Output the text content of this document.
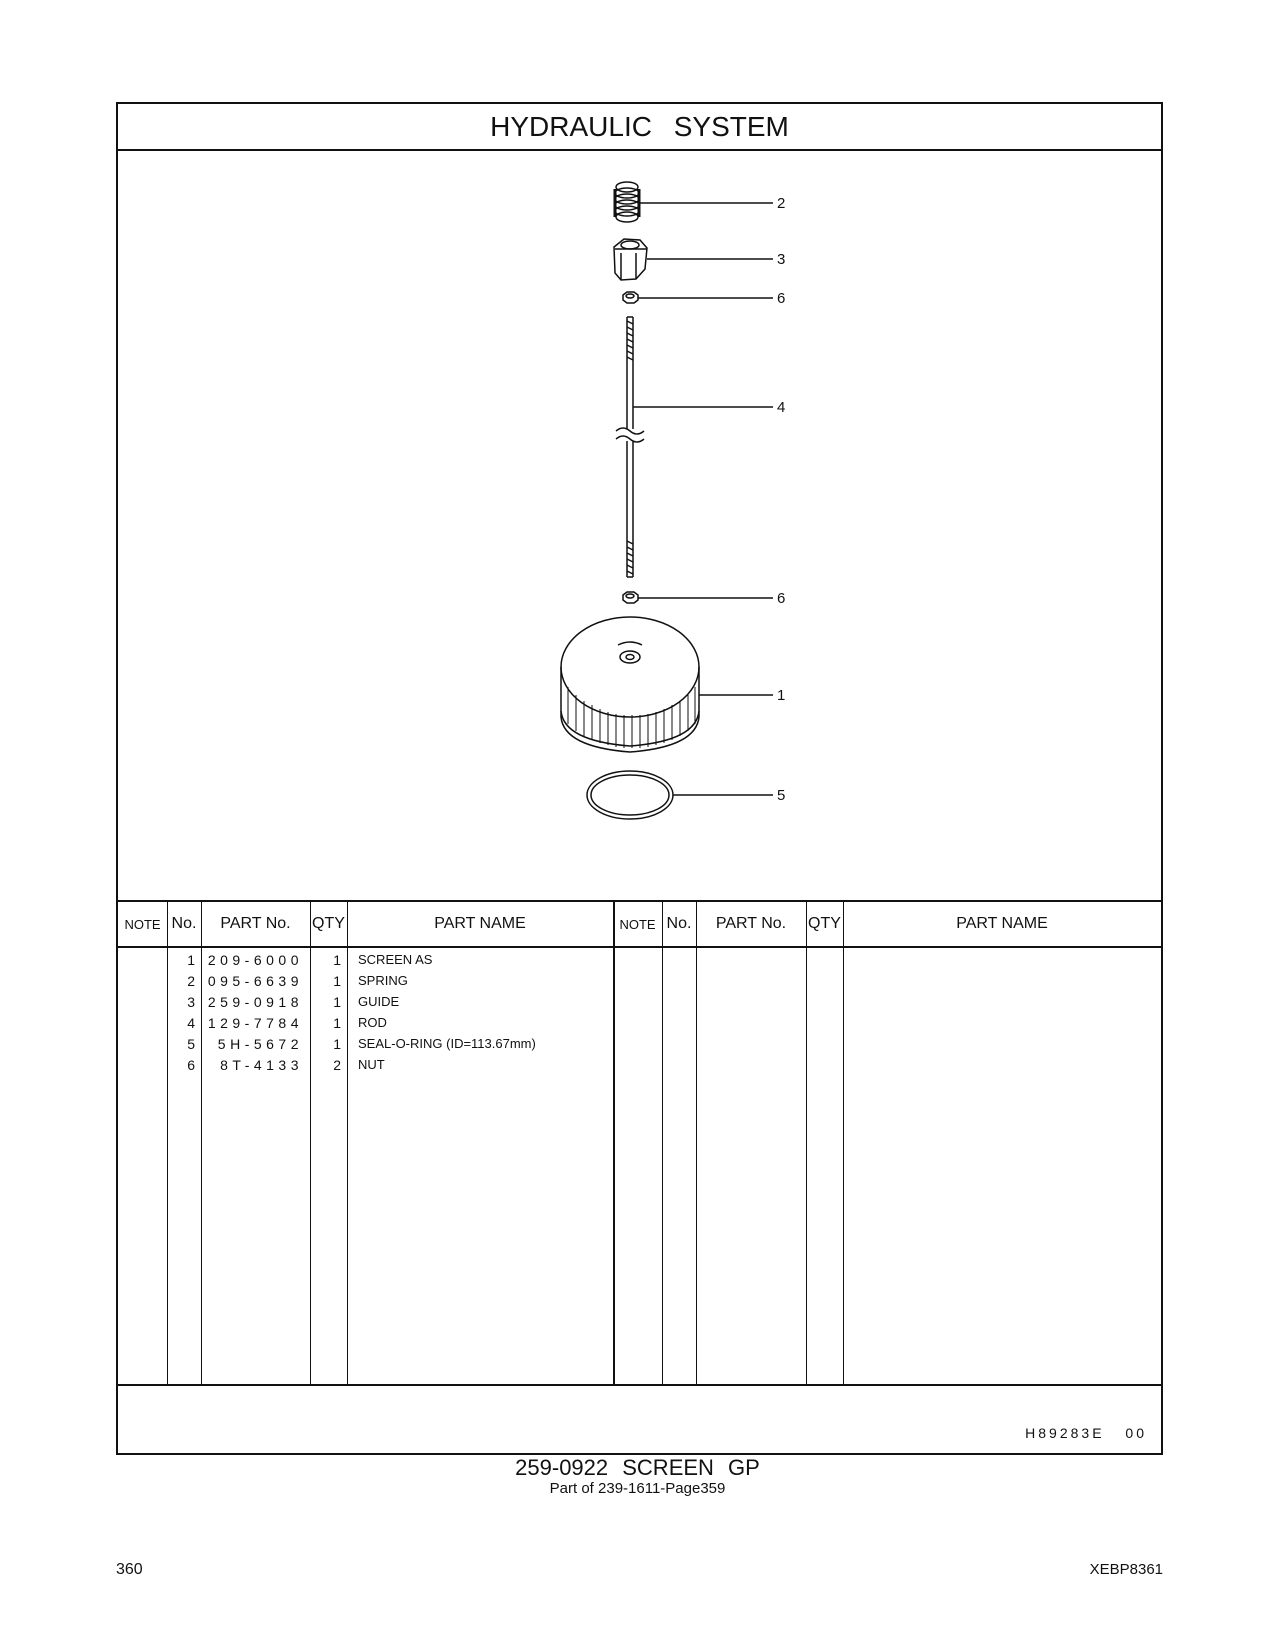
HYDRAULIC SYSTEM
2
3
6
4
6
1
5
NOTE No.	PART No.	QTY	PART NAME	NOTE No.	PART No.	QTY	PART NAME
1 209-6000	1 SCREEN AS
2 095-6639	1 SPRING
3 259-0918	1 GUIDE
4 129-7784	1 ROD
5	5H-5672	1 SEAL-O-RING (ID=113.67mm)
6	8T-4133	2 NUT
H89283E 00
259-0922 SCREEN GP
Part of 239-1611-Page359
360	XEBP8361
